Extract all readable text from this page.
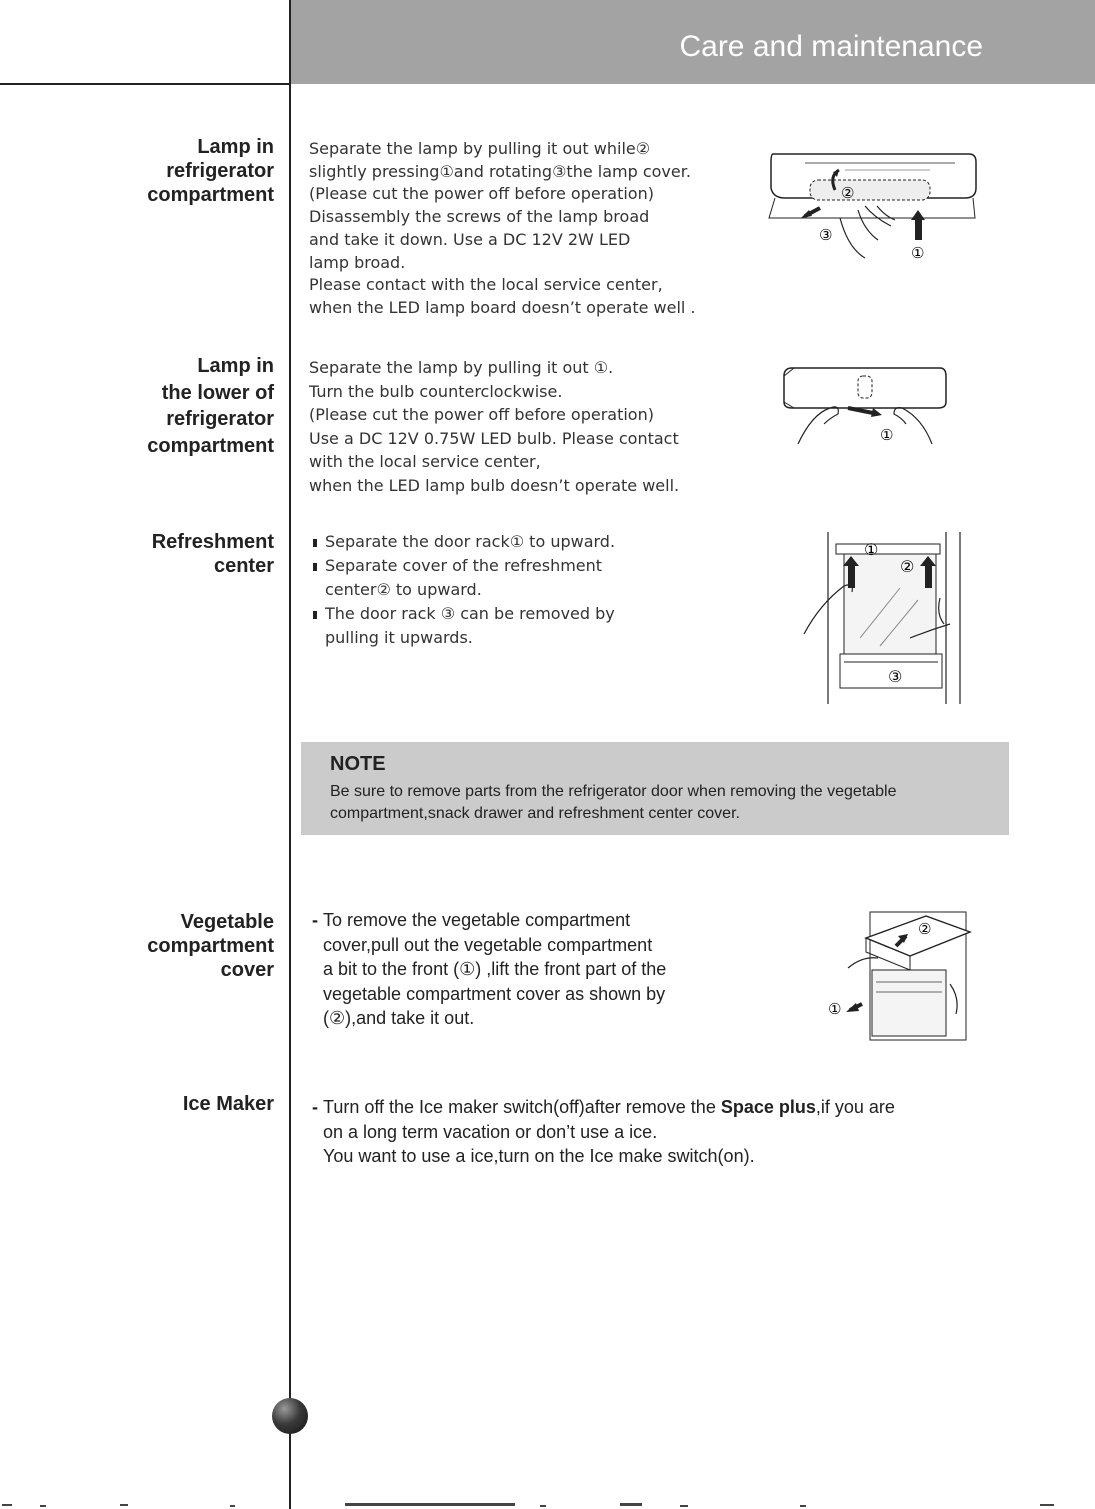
Care and maintenance
Lamp in
refrigerator
compartment
Separate the lamp by pulling it out while②
slightly pressing①and rotating③the lamp cover.
(Please cut the power off before operation)
Disassembly the screws of the lamp broad
and take it down. Use a DC 12V 2W LED
lamp broad.
Please contact with the local service center,
when the LED lamp board doesn’t operate well .
②
③
①
Lamp in
the lower of
refrigerator
compartment
Separate the lamp by pulling it out ①.
Turn the bulb counterclockwise.
(Please cut the power off before operation)
Use a DC 12V 0.75W LED bulb. Please contact
with the local service center,
when the LED lamp bulb doesn’t operate well.
①
Refreshment
center
Separate the door rack① to upward.
Separate cover of the refreshment
center② to upward.
The door rack ③ can be removed by
pulling it upwards.
①
②
③
NOTE
Be sure to remove parts from the refrigerator door when removing the vegetable
compartment,snack drawer and refreshment center cover.
Vegetable
compartment
cover
- To remove the vegetable compartment
cover,pull out the vegetable compartment
a bit to the front (①) ,lift the front part of the
vegetable compartment cover as shown by
(②),and take it out.
②
①
Ice Maker - Turn off the Ice maker switch(off)after remove the Space plus,if you are
on a long term vacation or don’t use a ice.
You want to use a ice,turn on the Ice make switch(on).
